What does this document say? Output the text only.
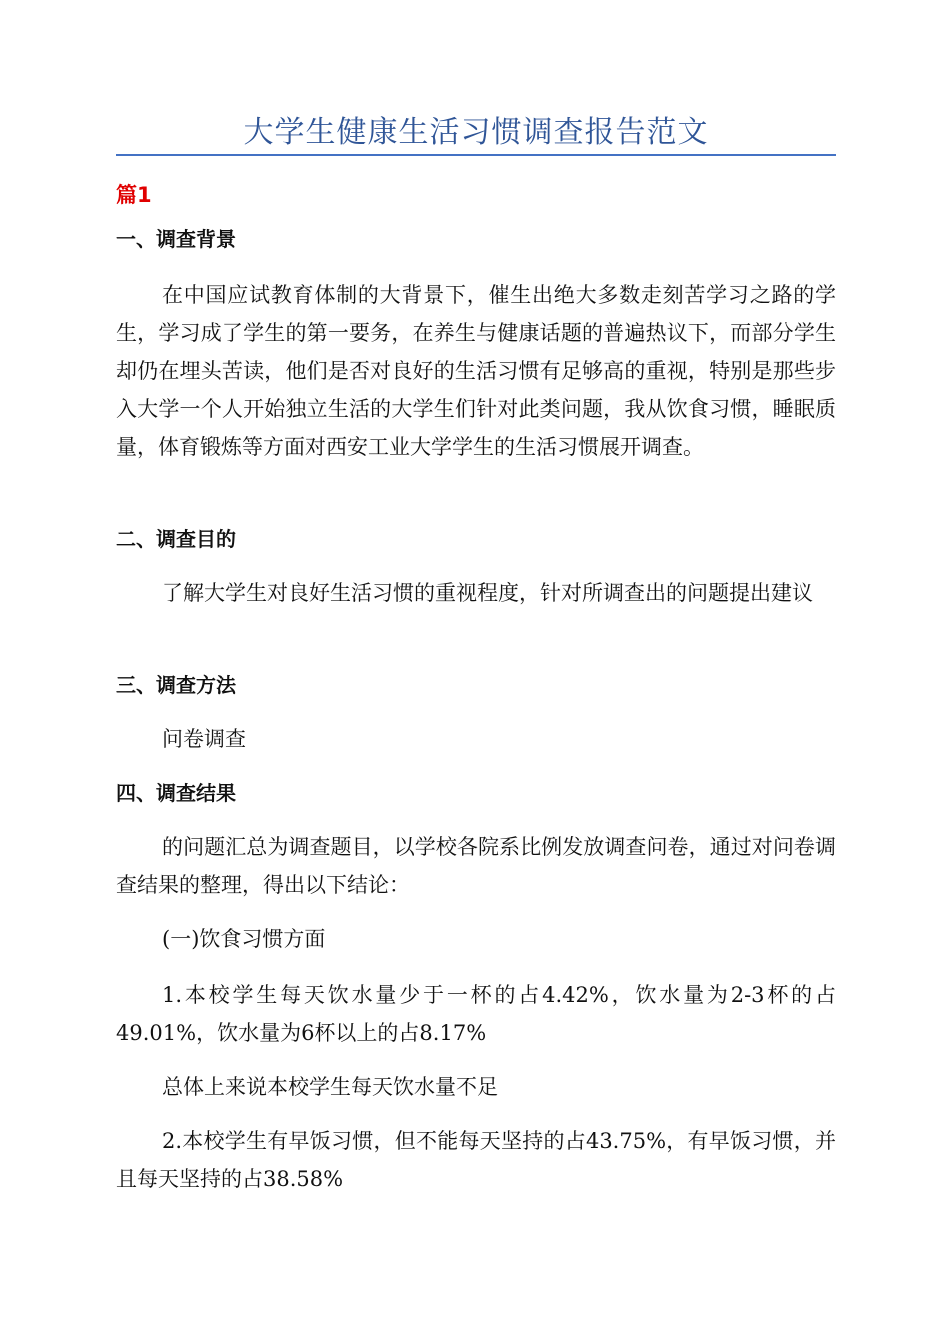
大学生健康生活习惯调查报告范文
篇1
一、调查背景
在中国应试教育体制的大背景下，催生出绝大多数走刻苦学习之路的学生，学习成了学生的第一要务，在养生与健康话题的普遍热议下，而部分学生却仍在埋头苦读，他们是否对良好的生活习惯有足够高的重视，特别是那些步入大学一个人开始独立生活的大学生们针对此类问题，我从饮食习惯，睡眠质量，体育锻炼等方面对西安工业大学学生的生活习惯展开调查。
二、调查目的
了解大学生对良好生活习惯的重视程度，针对所调查出的问题提出建议
三、调查方法
问卷调查
四、调查结果
的问题汇总为调查题目，以学校各院系比例发放调查问卷，通过对问卷调查结果的整理，得出以下结论：
(一)饮食习惯方面
1.本校学生每天饮水量少于一杯的占4.42%，饮水量为2-3杯的占49.01%，饮水量为6杯以上的占8.17%
总体上来说本校学生每天饮水量不足
2.本校学生有早饭习惯，但不能每天坚持的占43.75%，有早饭习惯，并且每天坚持的占38.58%
